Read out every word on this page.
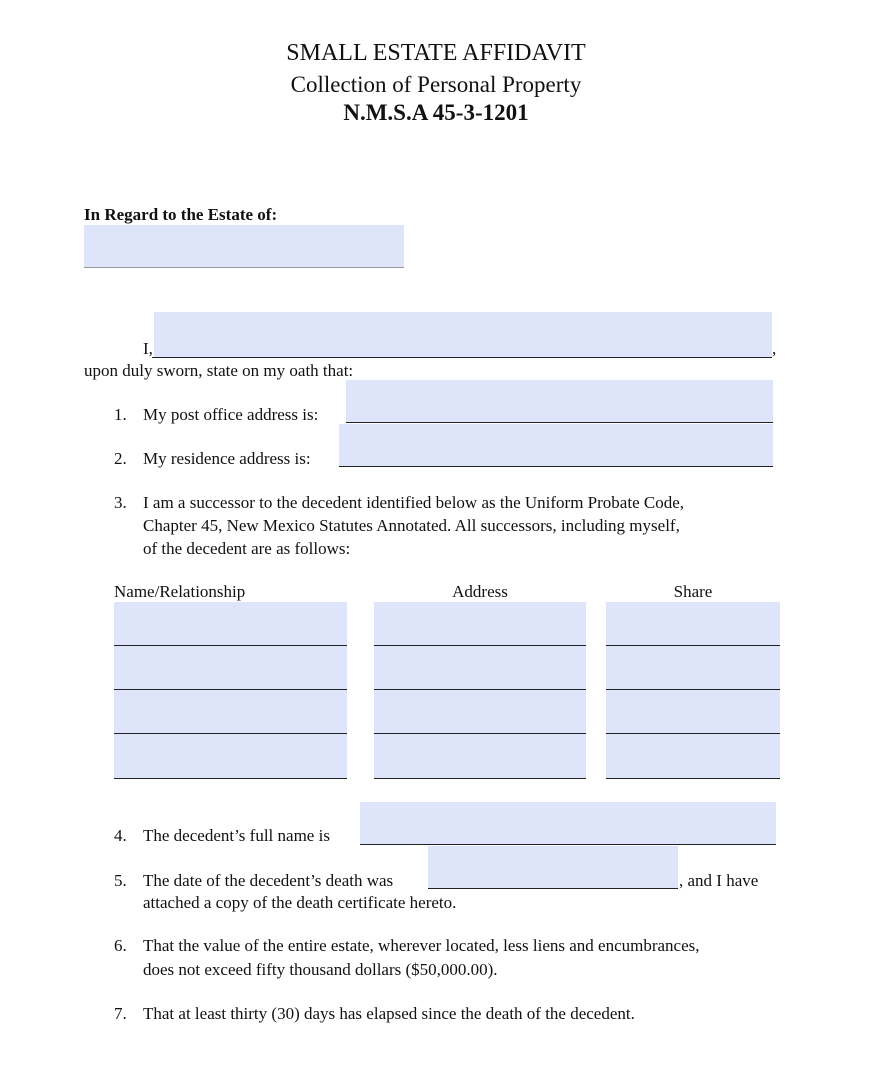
SMALL ESTATE AFFIDAVIT
Collection of Personal Property
N.M.S.A 45-3-1201
In Regard to the Estate of:
I,	,
upon duly sworn, state on my oath that:
1. My post office address is:
2. My residence address is:
3. I am a successor to the decedent identified below as the Uniform Probate Code,
Chapter 45, New Mexico Statutes Annotated. All successors, including myself,
of the decedent are as follows:
Name/Relationship	Address	Share
4. The decedent’s full name is
5. The date of the decedent’s death was	, and I have
attached a copy of the death certificate hereto.
6. That the value of the entire estate, wherever located, less liens and encumbrances,
does not exceed fifty thousand dollars ($50,000.00).
7. That at least thirty (30) days has elapsed since the death of the decedent.
